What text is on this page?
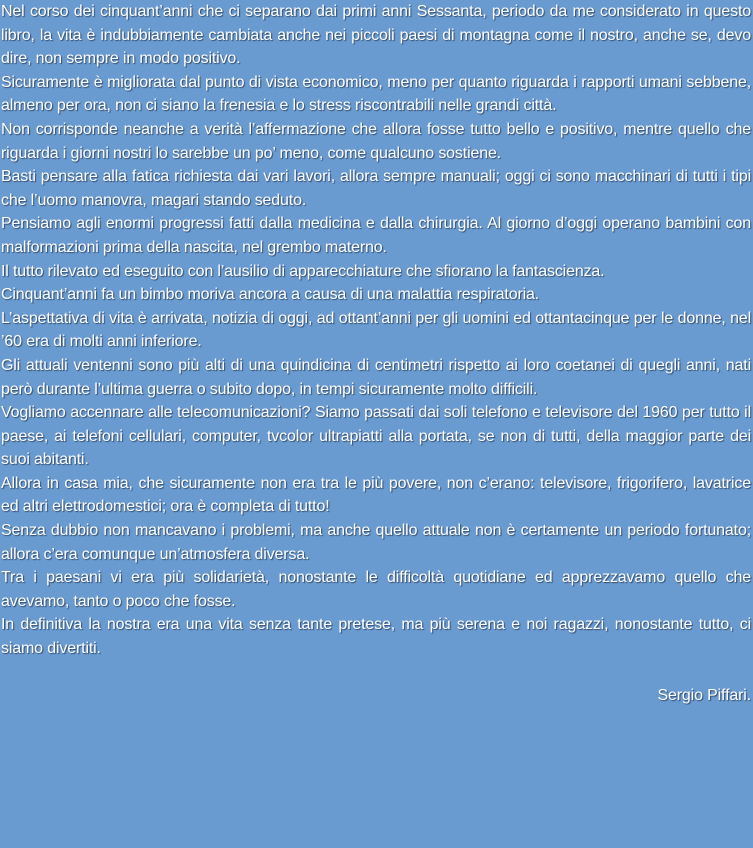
Nel corso dei cinquant’anni che ci separano dai primi anni Sessanta, periodo da me considerato in questo libro, la vita è indubbiamente cambiata anche nei piccoli paesi di montagna come il nostro, anche se, devo dire, non sempre in modo positivo.

Sicuramente è migliorata dal punto di vista economico, meno per quanto riguarda i rapporti umani sebbene, almeno per ora, non ci siano la frenesia e lo stress riscontrabili nelle grandi città.

Non corrisponde neanche a verità l’affermazione che allora fosse tutto bello e positivo, mentre quello che riguarda i giorni nostri lo sarebbe un po’ meno, come qualcuno sostiene.

Basti pensare alla fatica richiesta dai vari lavori, allora sempre manuali; oggi ci sono macchinari di tutti i tipi che l’uomo manovra, magari stando seduto.

Pensiamo agli enormi progressi fatti dalla medicina e dalla chirurgia. Al giorno d’oggi operano bambini con malformazioni prima della nascita, nel grembo materno.

Il tutto rilevato ed eseguito con l’ausilio di apparecchiature che sfiorano la fantascienza.

Cinquant’anni fa un bimbo moriva ancora a causa di una malattia respiratoria.

L’aspettativa di vita è arrivata, notizia di oggi, ad ottant’anni per gli uomini ed ottantacinque per le donne, nel ’60 era di molti anni inferiore.

Gli attuali ventenni sono più alti di una quindicina di centimetri rispetto ai loro coetanei di quegli anni, nati però durante l’ultima guerra o subito dopo, in tempi sicuramente molto difficili.

Vogliamo accennare alle telecomunicazioni? Siamo passati dai soli telefono e televisore del 1960 per tutto il paese, ai telefoni cellulari, computer, tvcolor ultrapiatti alla portata, se non di tutti, della maggior parte dei suoi abitanti.

Allora in casa mia, che sicuramente non era tra le più povere, non c’erano: televisore, frigorifero, lavatrice ed altri elettrodomestici; ora è completa di tutto!

Senza dubbio non mancavano i problemi, ma anche quello attuale non è certamente un periodo fortunato; allora c’era comunque un’atmosfera diversa.

Tra i paesani vi era più solidarietà, nonostante le difficoltà quotidiane ed apprezzavamo quello che avevamo, tanto o poco che fosse.

In definitiva la nostra era una vita senza tante pretese, ma più serena e noi ragazzi, nonostante tutto, ci siamo divertiti.

Sergio Piffari.
